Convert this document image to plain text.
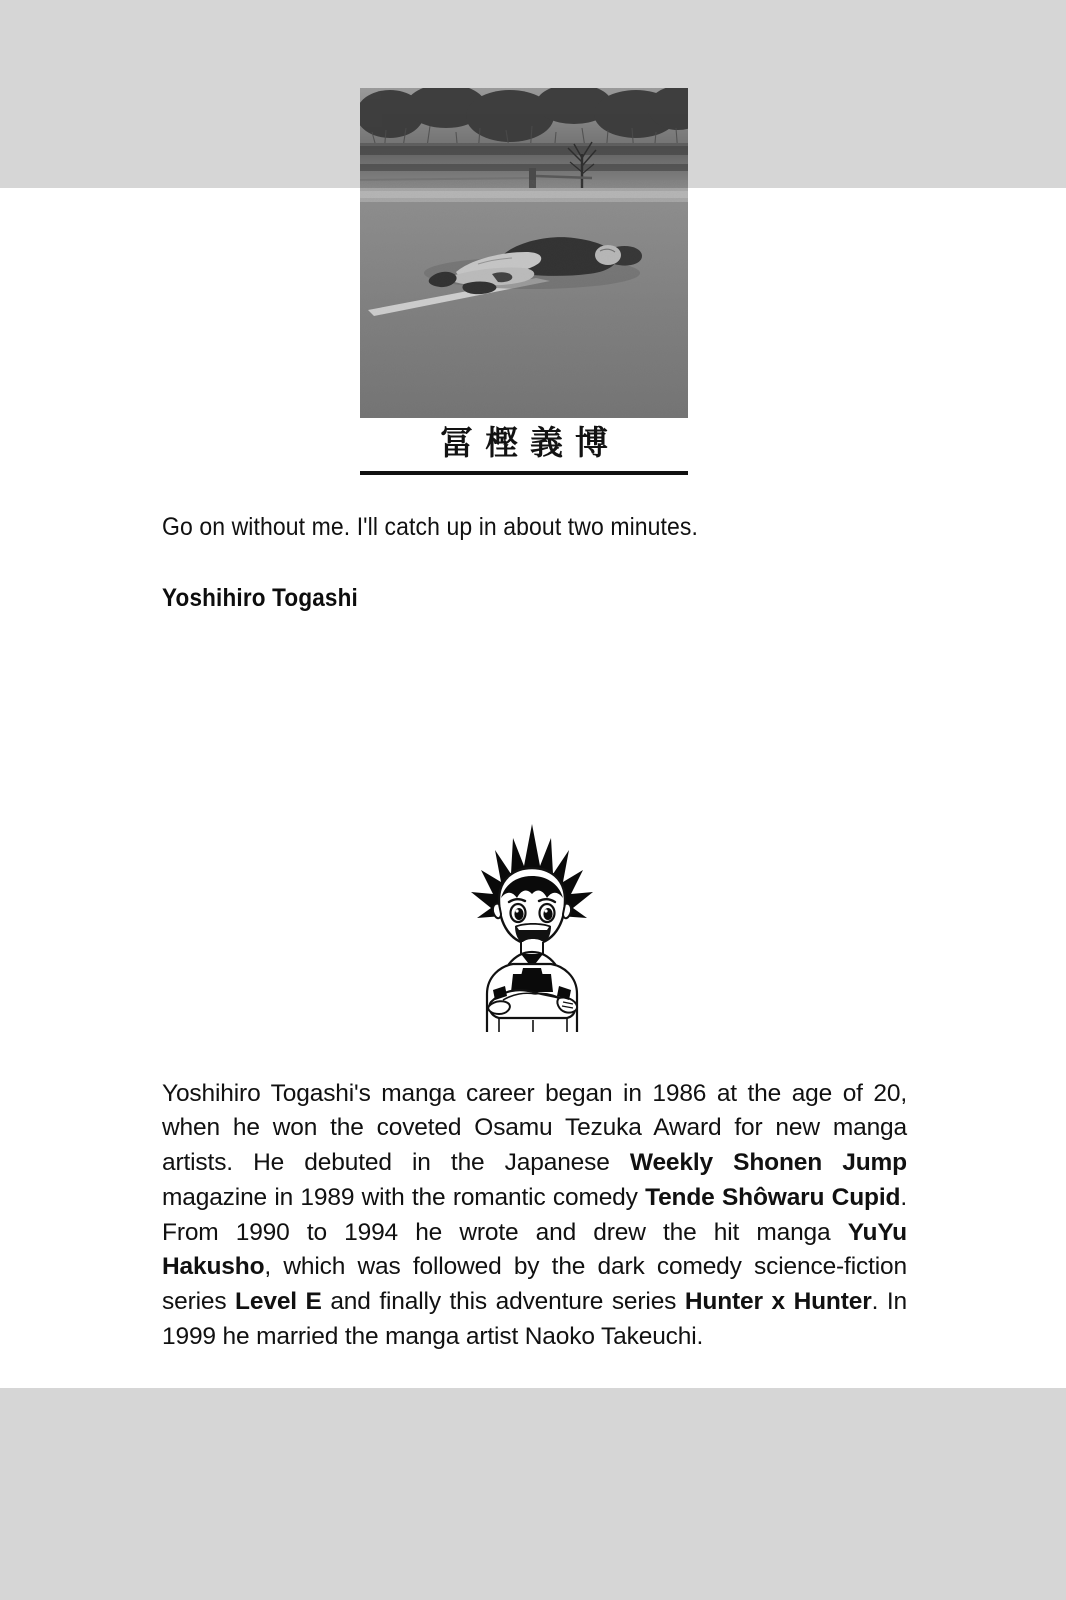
冨樫義博
Go on without me. I'll catch up in about two minutes.
Yoshihiro Togashi

Yoshihiro Togashi's manga career began in 1986 at the age of 20, when he won the coveted Osamu Tezuka Award for new manga artists. He debuted in the Japanese Weekly Shonen Jump magazine in 1989 with the romantic comedy Tende Shôwaru Cupid. From 1990 to 1994 he wrote and drew the hit manga YuYu Hakusho, which was followed by the dark comedy science-fiction series Level E and finally this adventure series Hunter x Hunter. In 1999 he married the manga artist Naoko Takeuchi.
